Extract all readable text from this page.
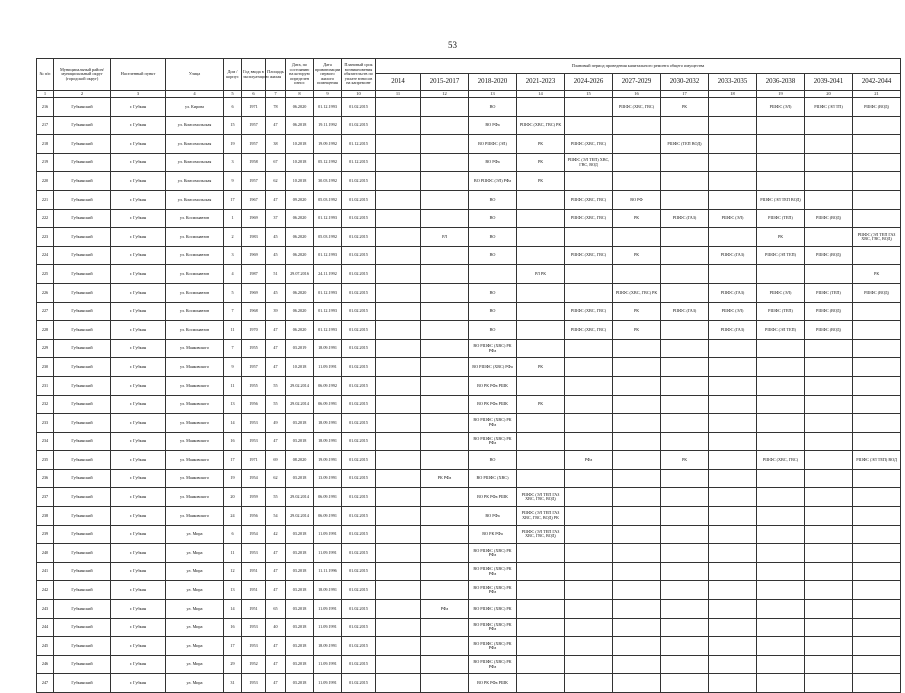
53
№ п/п	Муниципальный район/муниципальный округ (городской округ)	Населенный пункт	Улица	Дом / корпус	Год ввода в эксплуатацию	Площадь жилая	Дата, по состоянию на которую определен износ	Дата приватизации первого жилого помещения	Плановый срок возникновения обязательств по уплате взносов на капремонт	Плановый период проведения капитального ремонта общего имущества										
										2014	2015-2017	2018-2020	2021-2023	2024-2026	2027-2029	2030-2032	2033-2035	2036-2038	2039-2041	2042-2044
1	2	3	4	5	6	7	8	9	10	11	12	13	14	15	16	17	18	19	20	21
216	Губкинский	г. Губкин	ул. Кирова	6	1971	78	06.2020	01.12.1993	01.02.2015			ВО			РШФС (ХВС, ГВС)	РК		РШФС (ЭЛ)	РШФС (ЭЛ ТП)	РШФС (ВОД)
217	Губкинский	г. Губкин	ул. Комсомольская	15	1957	47	06.2018	19.11.1992	01.02.2015			ВО РФа	РШФС (ХВС, ГВС) РК							
218	Губкинский	г. Губкин	ул. Комсомольская	19	1957	38	10.2018	19.09.1992	01.12.2015			ВО РШФС (ЭЛ)	РК	РШФС (ХВС, ГВС)		РШФС (ТЕП ВОД)				
219	Губкинский	г. Губкин	ул. Комсомольская	3	1958	67	10.2018	05.12.1992	01.12.2015			ВО РФа	РК	РШФС (ЭЛ ТЕП) ХВС, ГВС, ВОД						
220	Губкинский	г. Губкин	ул. Комсомольская	9	1957	62	10.2018	30.03.1992	01.02.2015			ВО РШФС (ЭЛ) РФа	РК							
221	Губкинский	г. Губкин	ул. Комсомольская	17	1967	47	09.2020	05.03.1992	01.02.2015			ВО		РШФС (ХВС, ГВС)	ВО РФ			РШФС (ЭЛ ТЕП ВОД)		
222	Губкинский	г. Губкин	ул. Космонавтов	1	1969	37	06.2020	01.12.1993	01.02.2015			ВО		РШФС (ХВС, ГВС)	РК	РШФС (ГАЗ)	РШФС (ЭЛ)	РШФС (ТЕП)	РШФС (ВОД)	
223	Губкинский	г. Губкин	ул. Космонавтов	2	1983	45	06.2020	05.03.1992	01.02.2015		РЛ	ВО						РК		РШФС (ЭЛ ТЕП ГАЗ ХВС, ГВС, ВОД)
224	Губкинский	г. Губкин	ул. Космонавтов	3	1969	45	06.2020	01.12.1993	01.02.2015			ВО		РШФС (ХВС, ГВС)	РК		РШФС (ГАЗ)	РШФС (ЭЛ ТЕП)	РШФС (ВОД)	
225	Губкинский	г. Губкин	ул. Космонавтов	4	1987	51	29.07.2016	24.11.1992	01.02.2015				РЛ РК							РК
226	Губкинский	г. Губкин	ул. Космонавтов	5	1969	45	06.2020	01.12.1993	01.02.2015			ВО			РШФС (ХВС, ГВС) РК		РШФС (ГАЗ)	РШФС (ЭЛ)	РШФС (ТЕП)	РШФС (ВОД)
227	Губкинский	г. Губкин	ул. Космонавтов	7	1968	39	06.2020	01.12.1993	01.02.2015			ВО		РШФС (ХВС, ГВС)	РК	РШФС (ГАЗ)	РШФС (ЭЛ)	РШФС (ТЕП)	РШФС (ВОД)	
228	Губкинский	г. Губкин	ул. Космонавтов	11	1970	47	06.2020	01.12.1993	01.02.2015			ВО		РШФС (ХВС, ГВС)	РК		РШФС (ГАЗ)	РШФС (ЭЛ ТЕП)	РШФС (ВОД)	
229	Губкинский	г. Губкин	ул. Маяковского	7	1955	47	03.2019	18.09.1991	01.02.2015			ВО РШФС (ХВС) РК РФа								
230	Губкинский	г. Губкин	ул. Маяковского	9	1957	47	10.2018	11.09.1991	01.02.2015			ВО РШФС (ХВС) РФа	РК							
231	Губкинский	г. Губкин	ул. Маяковского	11	1955	55	29.02.2014	06.09.1992	01.02.2015			ВО РК РФа РШК								
232	Губкинский	г. Губкин	ул. Маяковского	13	1956	55	29.02.2014	06.09.1991	01.02.2015			ВО РК РФа РШК	РК							
233	Губкинский	г. Губкин	ул. Маяковского	14	1953	49	03.2018	18.09.1991	01.02.2015			ВО РШФС (ХВС) РК РФа								
234	Губкинский	г. Губкин	ул. Маяковского	16	1953	47	03.2018	18.09.1991	01.02.2015			ВО РШФС (ХВС) РК РФа								
235	Губкинский	г. Губкин	ул. Маяковского	17	1971	69	08.2020	19.09.1991	01.02.2015			ВО		РФа		РК		РШФС (ХВС, ГВС)		РШФС (ЭЛ ТЕП) ВОД
236	Губкинский	г. Губкин	ул. Маяковского	19	1954	62	03.2018	13.09.1991	01.02.2015		РК РФа	ВО РШФС (ХВС)								
237	Губкинский	г. Губкин	ул. Маяковского	20	1959	55	29.02.2014	06.09.1991	01.02.2015			ВО РК РФа РШК	РШФС (ЭЛ ТЕП ГАЗ ХВС, ГВС, ВОД)							
238	Губкинский	г. Губкин	ул. Маяковского	24	1956	54	29.02.2014	06.09.1991	01.02.2015			ВО РФа	РШФС (ЭЛ ТЕП ГАЗ ХВС, ГВС, ВОД) РК							
239	Губкинский	г. Губкин	ул. Мира	6	1954	42	03.2018	11.09.1991	01.02.2015			ВО РК РФа	РШФС (ЭЛ ТЕП ГАЗ ХВС, ГВС, ВОД)							
240	Губкинский	г. Губкин	ул. Мира	11	1953	47	03.2018	11.09.1991	01.02.2015			ВО РШФС (ХВС) РК РФа								
241	Губкинский	г. Губкин	ул. Мира	12	1951	47	03.2018	11.11.1996	01.02.2015			ВО РШФС (ХВС) РК РФа								
242	Губкинский	г. Губкин	ул. Мира	13	1951	47	03.2018	18.09.1991	01.02.2015			ВО РШФС (ХВС) РК РФа								
243	Губкинский	г. Губкин	ул. Мира	14	1951	65	03.2018	11.09.1991	01.02.2015		РФа	ВО РШФС (ХВС) РК								
244	Губкинский	г. Губкин	ул. Мира	16	1953	40	03.2018	11.09.1991	01.02.2015			ВО РШФС (ХВС) РК РФа								
245	Губкинский	г. Губкин	ул. Мира	17	1953	47	03.2018	18.09.1991	01.02.2015			ВО РШФС (ХВС) РК РФа								
246	Губкинский	г. Губкин	ул. Мира	29	1952	47	03.2018	11.09.1991	01.02.2015			ВО РШФС (ХВС) РК РФа								
247	Губкинский	г. Губкин	ул. Мира	31	1953	47	03.2018	11.09.1991	01.02.2015			ВО РК РФа РШК								
